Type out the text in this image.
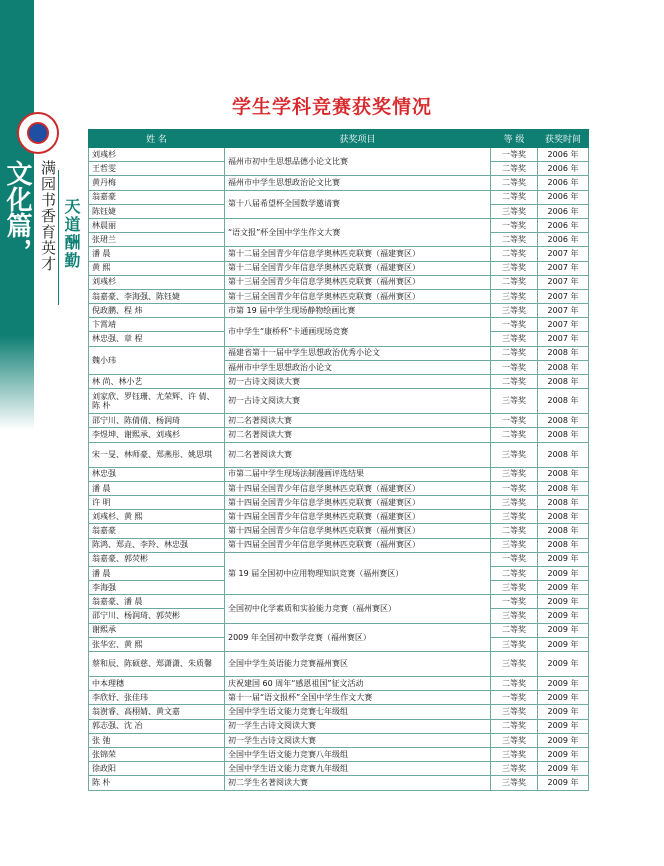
文化篇， 满园书香育英才 天道酬勤
学生学科竞赛获奖情况
姓 名	获奖项目	等 级	获奖时间
刘彧杉	福州市初中生思想品德小论文比赛	一等奖	2006 年
王哲雯		二等奖	2006 年
黄丹梅	福州市中学生思想政治论文比赛	二等奖	2006 年
翁嘉豪	第十八届希望杯全国数学邀请赛	二等奖	2006 年
陈钰婕		三等奖	2006 年
林晨丽	“语文报”杯全国中学生作文大赛	一等奖	2006 年
张珺兰		二等奖	2006 年
潘 晨	第十二届全国青少年信息学奥林匹克联赛（福建赛区）	二等奖	2007 年
黄 熙	第十二届全国青少年信息学奥林匹克联赛（福建赛区）	三等奖	2007 年
刘彧杉	第十三届全国青少年信息学奥林匹克联赛（福州赛区）	二等奖	2007 年
翁嘉豪、李海强、陈钰婕	第十三届全国青少年信息学奥林匹克联赛（福州赛区）	三等奖	2007 年
倪政鹏、程 炜	市第 19 届中学生现场静物绘画比赛	三等奖	2007 年
卞霄靖	市中学生“康桥杯”卡通画现场竞赛	一等奖	2007 年
林忠强、章 程		三等奖	2007 年
魏小玮	福建省第十一届中学生思想政治优秀小论文	二等奖	2008 年
	福州市中学生思想政治小论文	一等奖	2008 年
林 尚、林小艺	初一古诗文阅读大赛	二等奖	2008 年
刘家欣、罗钰珊、尤荣辉、许 倩、陈 朴	初一古诗文阅读大赛	三等奖	2008 年
邵宁川、陈倩倩、杨润琦	初二名著阅读大赛	一等奖	2008 年
李煜坤、谢熙承、刘彧杉	初二名著阅读大赛	二等奖	2008 年
宋一旻、林师豪、郑燕彤、姚思琪	初二名著阅读大赛	三等奖	2008 年
林忠强	市第二届中学生现场法制漫画评选结果	三等奖	2008 年
潘 晨	第十四届全国青少年信息学奥林匹克联赛（福建赛区）	一等奖	2008 年
许 明	第十四届全国青少年信息学奥林匹克联赛（福建赛区）	三等奖	2008 年
刘彧杉、黄 熙	第十四届全国青少年信息学奥林匹克联赛（福建赛区）	三等奖	2008 年
翁嘉豪	第十四届全国青少年信息学奥林匹克联赛（福州赛区）	二等奖	2008 年
陈鸿、郑垚、李羚、林忠强	第十四届全国青少年信息学奥林匹克联赛（福州赛区）	三等奖	2008 年
翁嘉豪、郭荧彬	第 19 届全国初中应用物理知识竞赛（福州赛区）	一等奖	2009 年
潘 晨		二等奖	2009 年
李海强		三等奖	2009 年
翁嘉豪、潘 晨	全国初中化学素质和实验能力竞赛（福州赛区）	一等奖	2009 年
邵宁川、杨润琦、郭荧彬		三等奖	2009 年
谢熙承	2009 年全国初中数学竞赛（福州赛区）	二等奖	2009 年
张华宏、黄 熙		三等奖	2009 年
蔡和辰、陈硕慈、郑潇潇、朱质馨	全国中学生英语能力竞赛福州赛区	三等奖	2009 年
中本理穗	庆祝建国 60 周年“感恩祖国”征文活动	二等奖	2009 年
李欣妤、张佳玮	第十一届“语文报杯”全国中学生作文大赛	一等奖	2009 年
翁澍睿、高栩婧、黄文嘉	全国中学生语文能力竞赛七年级组	三等奖	2009 年
郭志强、沈 冶	初一学生古诗文阅读大赛	二等奖	2009 年
张 弛	初一学生古诗文阅读大赛	三等奖	2009 年
张锦荣	全国中学生语文能力竞赛八年级组	三等奖	2009 年
徐政阳	全国中学生语文能力竞赛九年级组	三等奖	2009 年
陈 朴	初二学生名著阅读大赛	三等奖	2009 年
